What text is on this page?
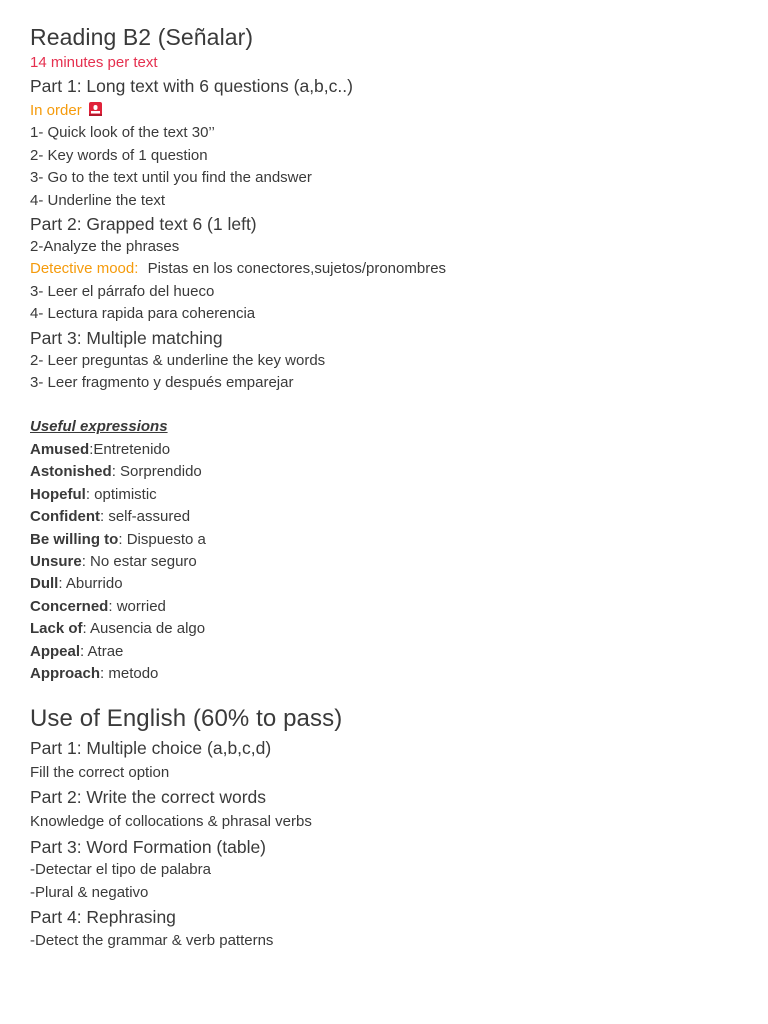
Reading B2 (Señalar)
14 minutes per text
Part 1: Long text with 6 questions (a,b,c..)
In order
1- Quick look of the text 30’’
2- Key words of 1 question
3- Go to the text until you find the andswer
4- Underline the text
Part 2: Grapped text 6 (1 left)
2-Analyze the phrases
Detective mood: Pistas en los conectores,sujetos/pronombres
3- Leer el párrafo del hueco
4- Lectura rapida para coherencia
Part 3: Multiple matching
2- Leer preguntas & underline the key words
3- Leer fragmento y después emparejar
Useful expressions
Amused:Entretenido
Astonished: Sorprendido
Hopeful: optimistic
Confident: self-assured
Be willing to: Dispuesto a
Unsure: No estar seguro
Dull: Aburrido
Concerned: worried
Lack of: Ausencia de algo
Appeal: Atrae
Approach: metodo
Use of English (60% to pass)
Part 1: Multiple choice (a,b,c,d)
Fill the correct option
Part 2: Write the correct words
Knowledge of collocations & phrasal verbs
Part 3: Word Formation (table)
-Detectar el tipo de palabra
-Plural & negativo
Part 4: Rephrasing
-Detect the grammar & verb patterns
